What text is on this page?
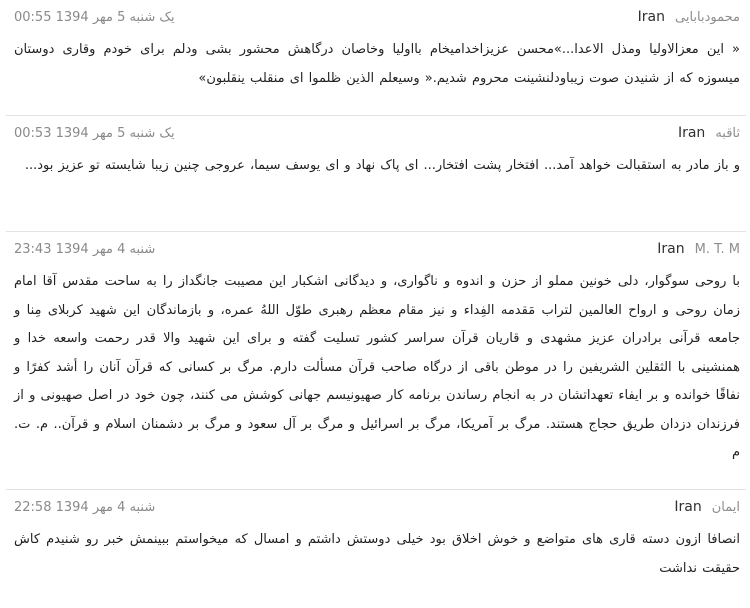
محمودبابایی
Iran
یک شنبه 5 مهر 1394 00:55
« این معزالاولیا ومذل الاعدا...»محسن عزیزاخدامیخام بااولیا وخاصان درگاهش محشور بشی ودلم برای خودم وقاری دوستان میسوزه که از شنیدن صوت زیباودلنشینت محروم شدیم.« وسیعلم الذین ظلموا ای منقلب ینقلبون»
ثاقبه
Iran
یک شنبه 5 مهر 1394 00:53
و باز مادر به استقبالت خواهد آمد... افتخار پشت افتخار... ای پاک نهاد و ای یوسف سیما، عروجی چنین زیبا شایسته تو عزیز بود...
M. T. M
Iran
شنبه 4 مهر 1394 23:43
با روحی سوگوار، دلی خونین مملو از حزن و اندوه و ناگواری، و دیدگانی اشکبار این مصیبت جانگداز را به ساحت مقدس آقا امام زمان روحی و ارواح العالمین لتراب مَقدمه الفِداء و نیز مقام معظم رهبری طوّل اللهُ عمره، و بازماندگان این شهید کربلای مِنا و جامعه قرآنی برادران عزیز مشهدی و قاریان قرآن سراسر کشور تسلیت گفته و برای این شهید والا قدر رحمت واسعه خدا و همنشینی با الثقلین الشریفین را در موطن باقی از درگاه صاحب قرآن مسألت دارم. مرگ بر کسانی که قرآن آنان را أشد کفرًا و نفاقًا خوانده و بر ایفاء تعهداتشان در به انجام رساندن برنامه کار صهیونیسم جهانی کوشش می کنند، چون خود در اصل صهیونی و از فرزندان دزدان طریق حجاج هستند. مرگ بر آمریکا، مرگ بر اسرائیل و مرگ بر آل سعود و مرگ بر دشمنان اسلام و قرآن.. م. ت. م
ایمان
Iran
شنبه 4 مهر 1394 22:58
انصافا ازون دسته قاری های متواضع و خوش اخلاق بود خیلی دوستش داشتم و امسال که میخواستم ببینمش خبر رو شنیدم کاش حقیقت نداشت
